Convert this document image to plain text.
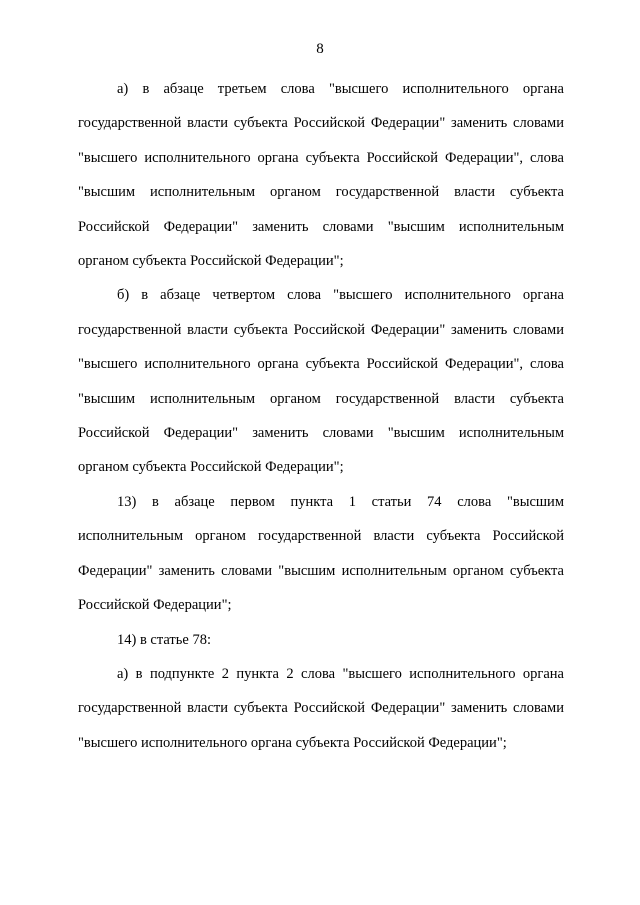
8

а) в абзаце третьем слова "высшего исполнительного органа государственной власти субъекта Российской Федерации" заменить словами "высшего исполнительного органа субъекта Российской Федерации", слова "высшим исполнительным органом государственной власти субъекта Российской Федерации" заменить словами "высшим исполнительным органом субъекта Российской Федерации";

б) в абзаце четвертом слова "высшего исполнительного органа государственной власти субъекта Российской Федерации" заменить словами "высшего исполнительного органа субъекта Российской Федерации", слова "высшим исполнительным органом государственной власти субъекта Российской Федерации" заменить словами "высшим исполнительным органом субъекта Российской Федерации";

13) в абзаце первом пункта 1 статьи 74 слова "высшим исполнительным органом государственной власти субъекта Российской Федерации" заменить словами "высшим исполнительным органом субъекта Российской Федерации";

14) в статье 78:

а) в подпункте 2 пункта 2 слова "высшего исполнительного органа государственной власти субъекта Российской Федерации" заменить словами "высшего исполнительного органа субъекта Российской Федерации";
